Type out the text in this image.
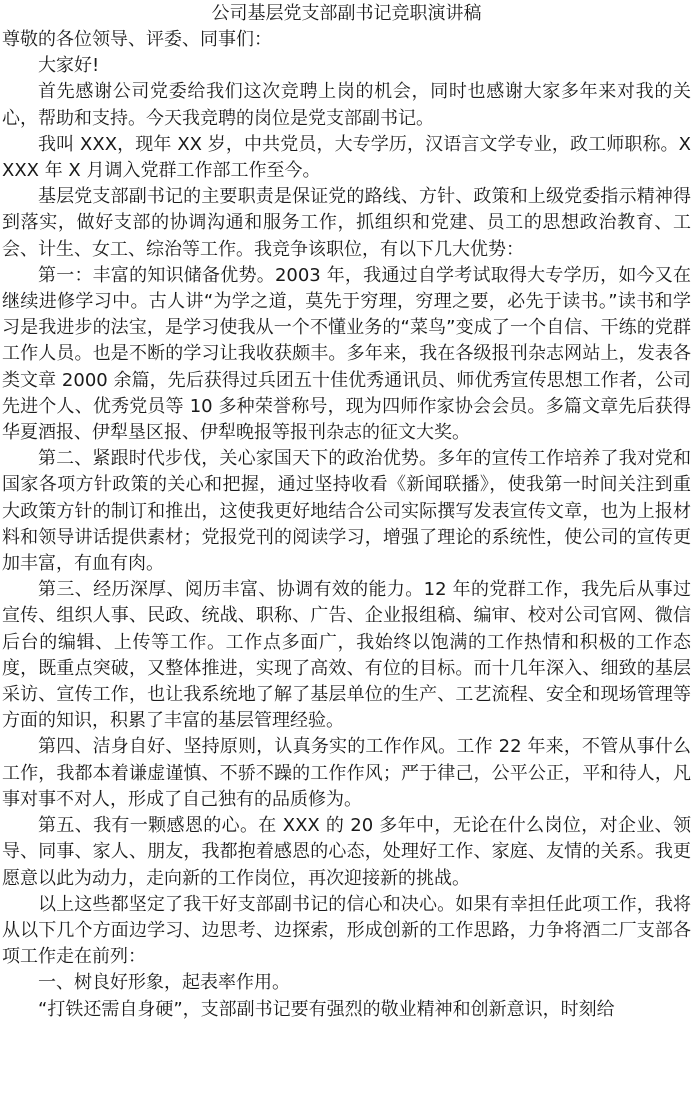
公司基层党支部副书记竞职演讲稿

尊敬的各位领导、评委、同事们：

大家好!

首先感谢公司党委给我们这次竞聘上岗的机会，同时也感谢大家多年来对我的关心，帮助和支持。今天我竞聘的岗位是党支部副书记。

我叫 XXX，现年 XX 岁，中共党员，大专学历，汉语言文学专业，政工师职称。XXXX 年 X 月调入党群工作部工作至今。

基层党支部副书记的主要职责是保证党的路线、方针、政策和上级党委指示精神得到落实，做好支部的协调沟通和服务工作，抓组织和党建、员工的思想政治教育、工会、计生、女工、综治等工作。我竞争该职位，有以下几大优势：

第一：丰富的知识储备优势。2003 年，我通过自学考试取得大专学历，如今又在继续进修学习中。古人讲“为学之道，莫先于穷理，穷理之要，必先于读书。”读书和学习是我进步的法宝，是学习使我从一个不懂业务的“菜鸟”变成了一个自信、干练的党群工作人员。也是不断的学习让我收获颇丰。多年来，我在各级报刊杂志网站上，发表各类文章 2000 余篇，先后获得过兵团五十佳优秀通讯员、师优秀宣传思想工作者，公司先进个人、优秀党员等 10 多种荣誉称号，现为四师作家协会会员。多篇文章先后获得华夏酒报、伊犁垦区报、伊犁晚报等报刊杂志的征文大奖。

第二、紧跟时代步伐，关心家国天下的政治优势。多年的宣传工作培养了我对党和国家各项方针政策的关心和把握，通过坚持收看《新闻联播》，使我第一时间关注到重大政策方针的制订和推出，这使我更好地结合公司实际撰写发表宣传文章，也为上报材料和领导讲话提供素材；党报党刊的阅读学习，增强了理论的系统性，使公司的宣传更加丰富，有血有肉。

第三、经历深厚、阅历丰富、协调有效的能力。12 年的党群工作，我先后从事过宣传、组织人事、民政、统战、职称、广告、企业报组稿、编审、校对公司官网、微信后台的编辑、上传等工作。工作点多面广，我始终以饱满的工作热情和积极的工作态度，既重点突破，又整体推进，实现了高效、有位的目标。而十几年深入、细致的基层采访、宣传工作，也让我系统地了解了基层单位的生产、工艺流程、安全和现场管理等方面的知识，积累了丰富的基层管理经验。

第四、洁身自好、坚持原则，认真务实的工作作风。工作 22 年来，不管从事什么工作，我都本着谦虚谨慎、不骄不躁的工作作风；严于律己，公平公正，平和待人，凡事对事不对人，形成了自己独有的品质修为。

第五、我有一颗感恩的心。在 XXX 的 20 多年中，无论在什么岗位，对企业、领导、同事、家人、朋友，我都抱着感恩的心态，处理好工作、家庭、友情的关系。我更愿意以此为动力，走向新的工作岗位，再次迎接新的挑战。

以上这些都坚定了我干好支部副书记的信心和决心。如果有幸担任此项工作，我将从以下几个方面边学习、边思考、边探索，形成创新的工作思路，力争将酒二厂支部各项工作走在前列：

一、树良好形象，起表率作用。

“打铁还需自身硬”，支部副书记要有强烈的敬业精神和创新意识，时刻给
